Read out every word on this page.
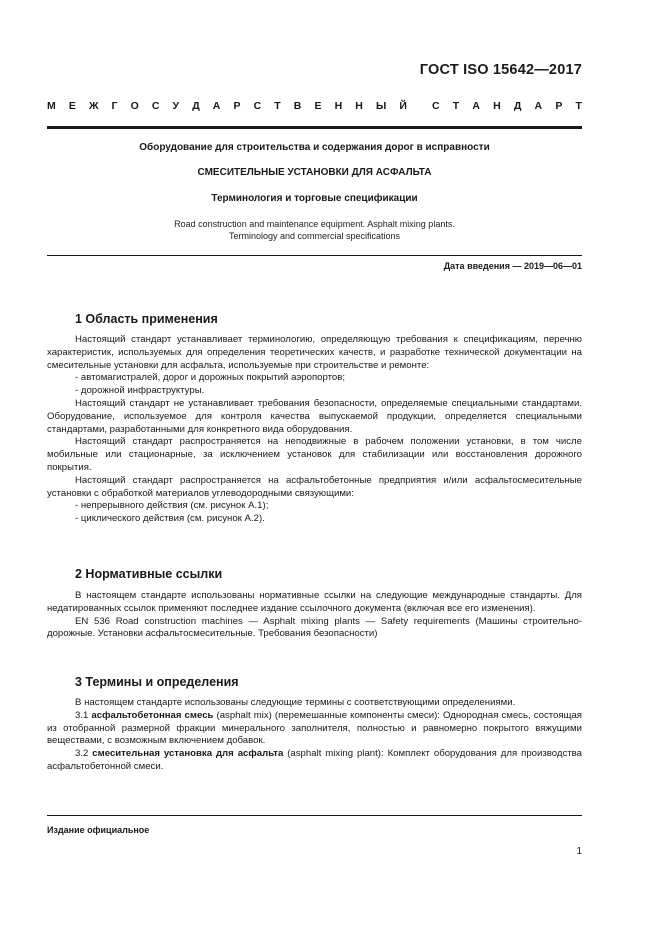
ГОСТ ISO 15642—2017
М Е Ж Г О С У Д А Р С Т В Е Н Н Ы Й С Т А Н Д А Р Т
Оборудование для строительства и содержания дорог в исправности
СМЕСИТЕЛЬНЫЕ УСТАНОВКИ ДЛЯ АСФАЛЬТА
Терминология и торговые спецификации
Road construction and maintenance equipment. Asphalt mixing plants.
Terminology and commercial specifications
Дата введения — 2019—06—01
1 Область применения

Настоящий стандарт устанавливает терминологию, определяющую требования к спецификациям, перечню характеристик, используемых для определения теоретических качеств, и разработке технической документации на смесительные установки для асфальта, используемые при строительстве и ремонте:

- автомагистралей, дорог и дорожных покрытий аэропортов;

- дорожной инфраструктуры.

Настоящий стандарт не устанавливает требования безопасности, определяемые специальными стандартами. Оборудование, используемое для контроля качества выпускаемой продукции, определяется специальными стандартами, разработанными для конкретного вида оборудования.

Настоящий стандарт распространяется на неподвижные в рабочем положении установки, в том числе мобильные или стационарные, за исключением установок для стабилизации или восстановления дорожного покрытия.

Настоящий стандарт распространяется на асфальтобетонные предприятия и/или асфальтосмесительные установки с обработкой материалов углеводородными связующими:

- непрерывного действия (см. рисунок А.1);

- циклического действия (см. рисунок А.2).

2 Нормативные ссылки

В настоящем стандарте использованы нормативные ссылки на следующие международные стандарты. Для недатированных ссылок применяют последнее издание ссылочного документа (включая все его изменения).

EN 536 Road construction machines — Asphalt mixing plants — Safety requirements (Машины строительно-дорожные. Установки асфальтосмесительные. Требования безопасности)

3 Термины и определения

В настоящем стандарте использованы следующие термины с соответствующими определениями.

3.1 асфальтобетонная смесь (asphalt mix) (перемешанные компоненты смеси): Однородная смесь, состоящая из отобранной размерной фракции минерального заполнителя, полностью и равномерно покрытого вяжущими веществами, с возможным включением добавок.

3.2 смесительная установка для асфальта (asphalt mixing plant): Комплект оборудования для производства асфальтобетонной смеси.

Издание официальное
1
